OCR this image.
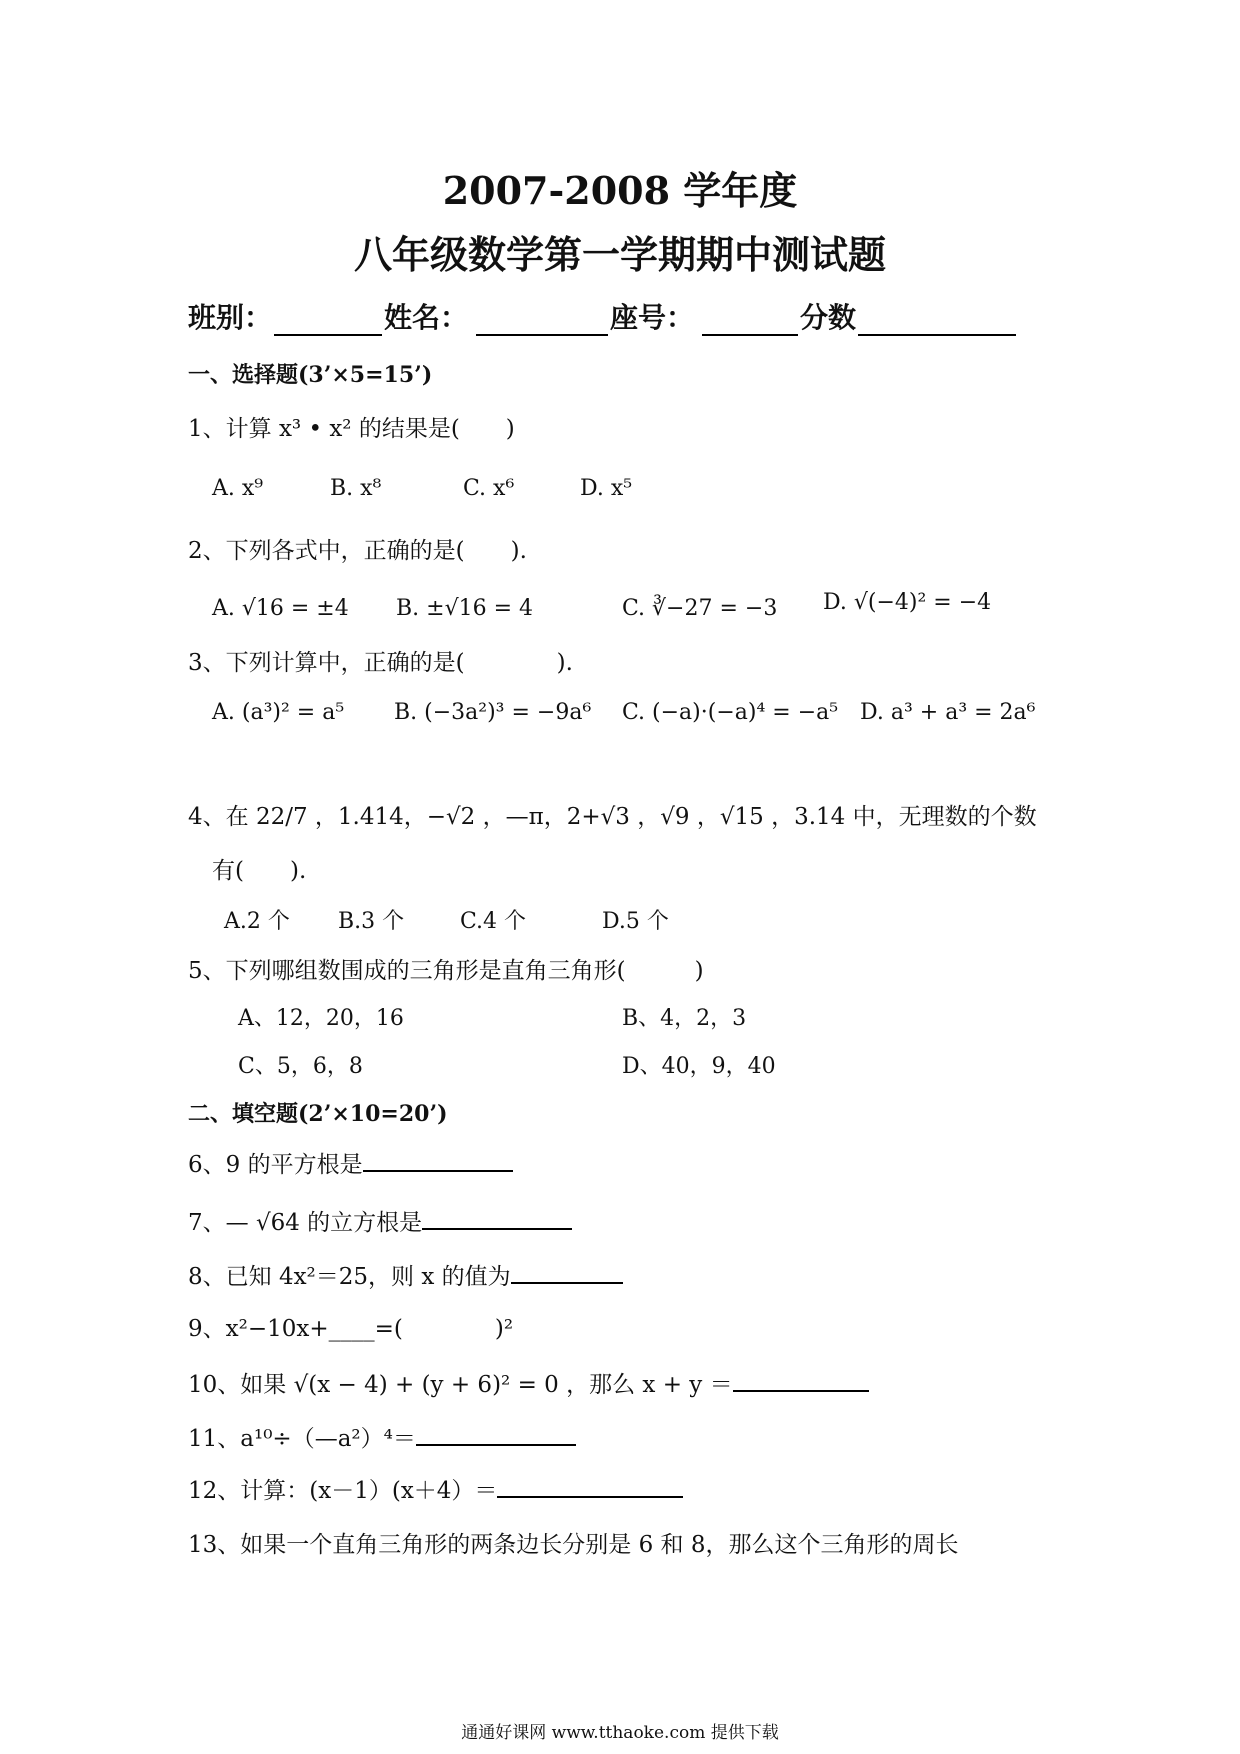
2007-2008 学年度
八年级数学第一学期期中测试题
班别：	姓名：	座号：	分数
一、选择题(3’×5=15’)
1、计算 x³ • x² 的结果是(　　)
A. x⁹	B. x⁸	C. x⁶	D. x⁵
2、下列各式中，正确的是(　　).
A. √16 = ±4 B. ±√16 = 4	C. ∛−27 = −3 D. √(−4)² = −4
3、下列计算中，正确的是(　　　　).
A. (a³)² = a⁵ B. (−3a²)³ = −9a⁶ C. (−a)·(−a)⁴ = −a⁵ D. a³ + a³ = 2a⁶
4、在 22/7 ，1.414，−√2 ，—π，2+√3 ，√9 ，√15 ，3.14 中，无理数的个数
有(　　).
A.2 个 B.3 个	C.4 个	D.5 个
5、下列哪组数围成的三角形是直角三角形(　　　)
A、12，20，16	B、4，2，3
C、5，6，8	D、40，9，40
二、填空题(2’×10=20’)
6、9 的平方根是
7、— √64 的立方根是
8、已知 4x²＝25，则 x 的值为
9、x²−10x+____=(　　　　)²
10、如果 √(x − 4) + (y + 6)² = 0 ，那么 x + y ＝
11、a¹⁰÷（—a²）⁴＝
12、计算：(x－1）(x＋4）＝
13、如果一个直角三角形的两条边长分别是 6 和 8，那么这个三角形的周长
通通好课网 www.tthaoke.com 提供下载
